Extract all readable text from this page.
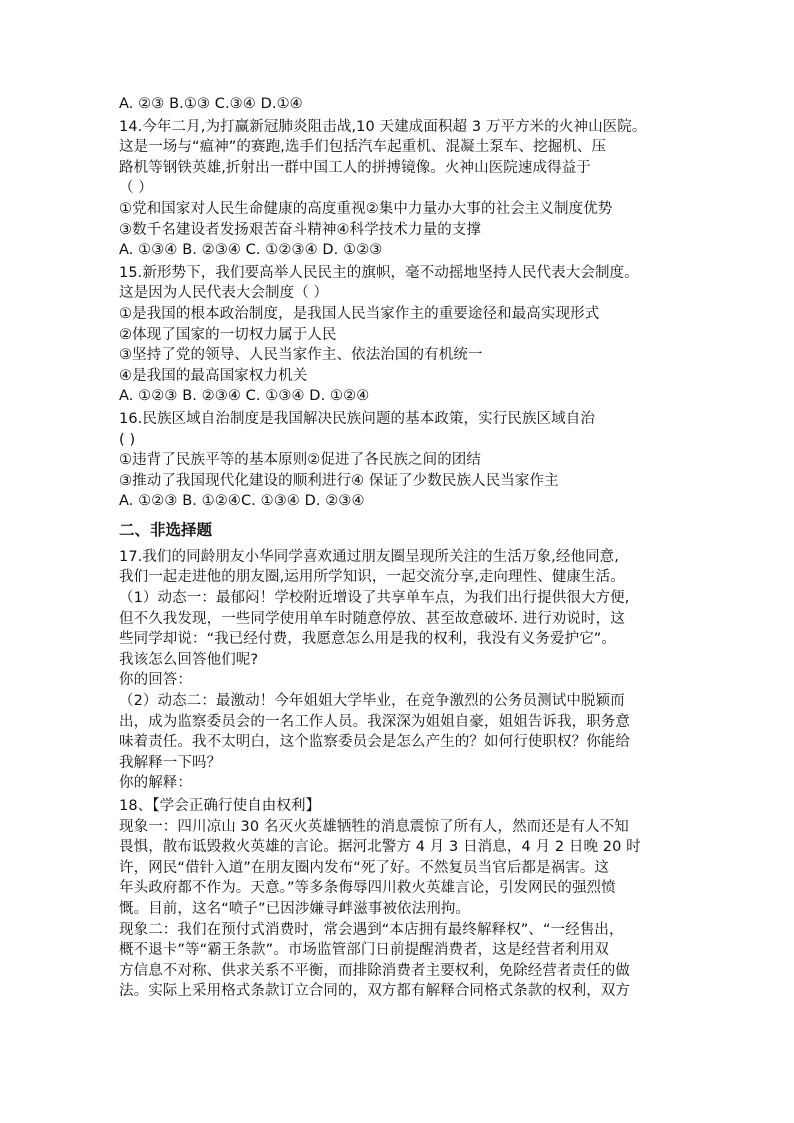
A. ②③ B.①③ C.③④ D.①④
14.今年二月,为打赢新冠肺炎阻击战,10 天建成面积超 3 万平方米的火神山医院。
这是一场与“瘟神”的赛跑,选手们包括汽车起重机、混凝土泵车、挖掘机、压
路机等钢铁英雄,折射出一群中国工人的拼搏镜像。火神山医院速成得益于
（ ）
①党和国家对人民生命健康的高度重视②集中力量办大事的社会主义制度优势
③数千名建设者发扬艰苦奋斗精神④科学技术力量的支撑
A. ①③④ B. ②③④ C. ①②③④ D. ①②③
15.新形势下，我们要高举人民民主的旗帜，毫不动摇地坚持人民代表大会制度。
这是因为人民代表大会制度（ ）
①是我国的根本政治制度，是我国人民当家作主的重要途径和最高实现形式
②体现了国家的一切权力属于人民
③坚持了党的领导、人民当家作主、依法治国的有机统一
④是我国的最高国家权力机关
A. ①②③ B. ②③④ C. ①③④ D. ①②④
16.民族区域自治制度是我国解决民族问题的基本政策，实行民族区域自治
( )
①违背了民族平等的基本原则②促进了各民族之间的团结
③推动了我国现代化建设的顺利进行④ 保证了少数民族人民当家作主
A. ①②③ B. ①②④C. ①③④ D. ②③④
二、非选择题
17.我们的同龄朋友小华同学喜欢通过朋友圈呈现所关注的生活万象,经他同意,
我们一起走进他的朋友圈,运用所学知识，一起交流分享,走向理性、健康生活。
（1）动态一：最郁闷！学校附近增设了共享单车点，为我们出行提供很大方便,
但不久我发现，一些同学使用单车时随意停放、甚至故意破坏. 进行劝说时，这
些同学却说：“我已经付费，我愿意怎么用是我的权利，我没有义务爱护它”。
我该怎么回答他们呢?
你的回答：
（2）动态二：最激动！今年姐姐大学毕业，在竞争激烈的公务员测试中脱颖而
出，成为监察委员会的一名工作人员。我深深为姐姐自豪，姐姐告诉我，职务意
味着责任。我不太明白，这个监察委员会是怎么产生的？如何行使职权？你能给
我解释一下吗？
你的解释：
18、【学会正确行使自由权利】
现象一：四川凉山 30 名灭火英雄牺牲的消息震惊了所有人，然而还是有人不知
畏惧，散布诋毁救火英雄的言论。据河北警方 4 月 3 日消息，4 月 2 日晚 20 时
许，网民“借针入道”在朋友圈内发布“死了好。不然复员当官后都是祸害。这
年头政府都不作为。天意。”等多条侮辱四川救火英雄言论，引发网民的强烈愤
慨。目前，这名“喷子”已因涉嫌寻衅滋事被依法刑拘。
现象二：我们在预付式消费时，常会遇到“本店拥有最终解释权”、“一经售出，
概不退卡”等“霸王条款”。市场监管部门日前提醒消费者，这是经营者利用双
方信息不对称、供求关系不平衡，而排除消费者主要权利，免除经营者责任的做
法。实际上采用格式条款订立合同的，双方都有解释合同格式条款的权利，双方
